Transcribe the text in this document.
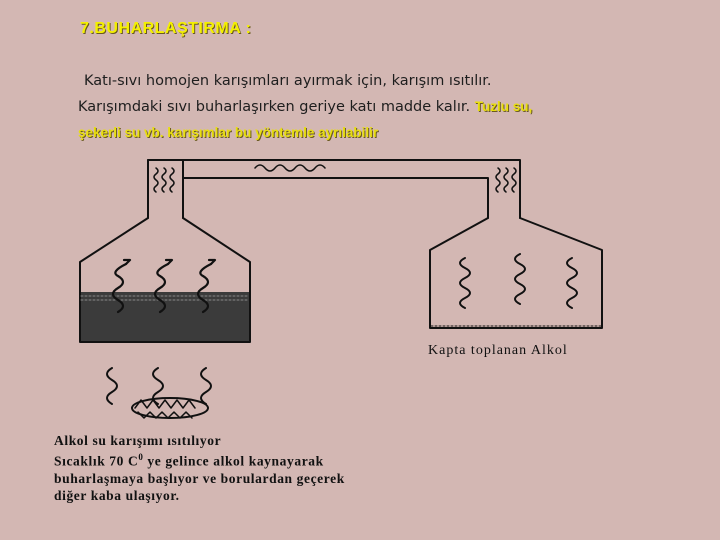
7.BUHARLAŞTIRMA :
Katı-sıvı homojen karışımları ayırmak için, karışım ısıtılır.
Karışımdaki sıvı buharlaşırken geriye katı madde kalır. Tuzlu su,
şekerli su vb. karışımlar bu yöntemle ayrılabilir
Kapta toplanan Alkol
Alkol su karışımı ısıtılıyor
Sıcaklık 70 $C^0$ ye gelince alkol kaynayarak
buharlaşmaya başlıyor ve borulardan geçerek
diğer kaba ulaşıyor.
